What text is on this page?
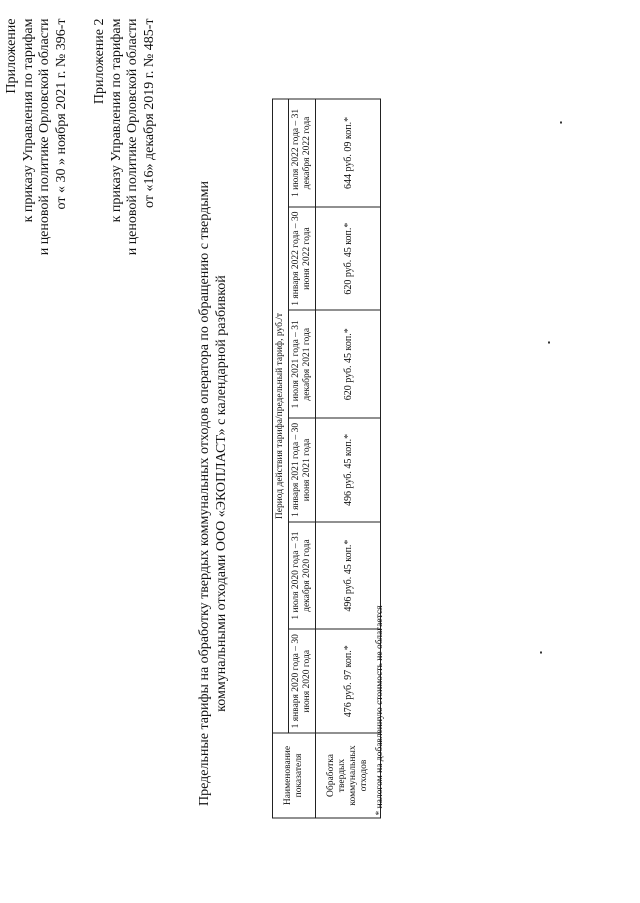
Приложение к приказу Управления по тарифам и ценовой политике Орловской области от « 30 » ноября 2021 г. № 396-т Приложение 2 к приказу Управления по тарифам и ценовой политике Орловской области от «16» декабря 2019 г. № 485-т
Предельные тарифы на обработку твердых коммунальных отходов оператора по обращению с твердыми коммунальными отходами ООО «ЭКОПЛАСТ» с календарной разбивкой
Наименование показателя	Период действия тарифа/предельный тариф, руб./т					
	1 января 2020 года – 30 июня 2020 года	1 июля 2020 года – 31 декабря 2020 года	1 января 2021 года – 30 июня 2021 года	1 июля 2021 года – 31 декабря 2021 года	1 января 2022 года – 30 июня 2022 года	1 июля 2022 года – 31 декабря 2022 года
Обработка твердых коммунальных отходов	476 руб. 97 коп.*	496 руб. 45 коп.*	496 руб. 45 коп.*	620 руб. 45 коп.*	620 руб. 45 коп.*	644 руб. 09 коп.*
* налогом на добавленную стоимость не облагается
